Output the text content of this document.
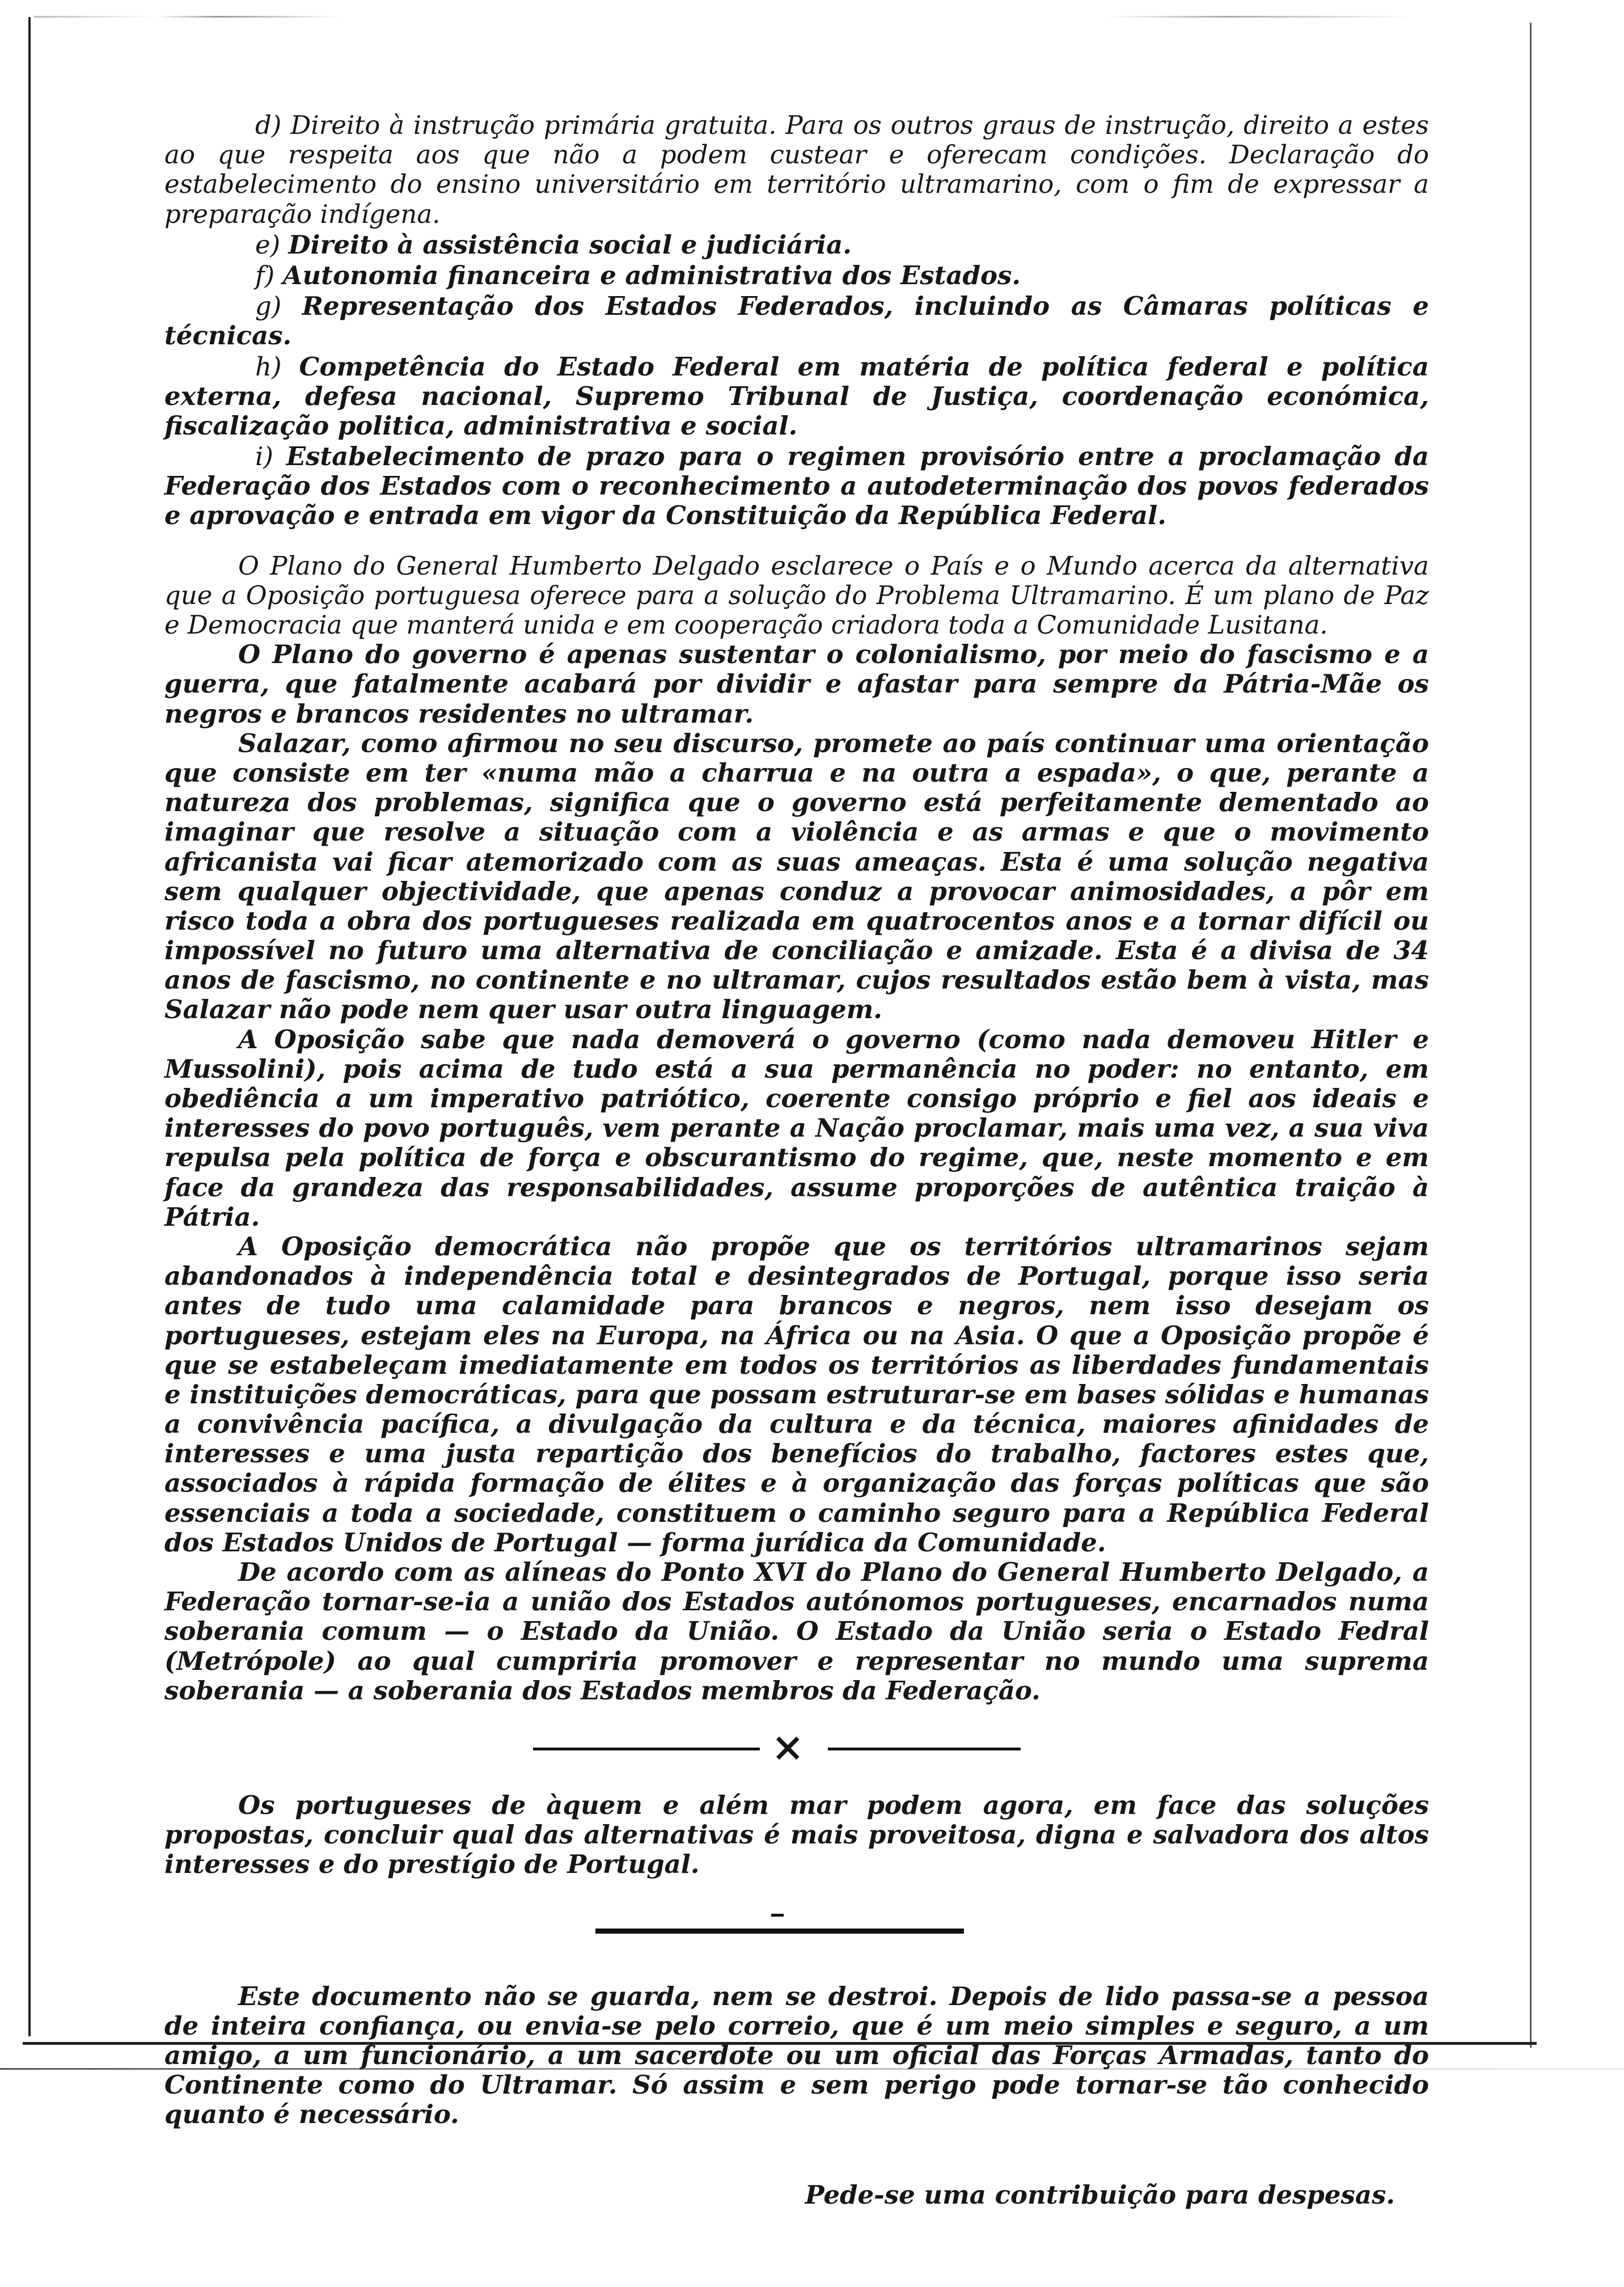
d) Direito à instrução primária gratuita. Para os outros graus de instrução, direito a estes ao que respeita aos que não a podem custear e oferecam condições. Declaração do estabelecimento do ensino universitário em território ultramarino, com o fim de expressar a preparação indígena.

e) Direito à assistência social e judiciária.

f) Autonomia financeira e administrativa dos Estados.

g) Representação dos Estados Federados, incluindo as Câmaras políticas e técnicas.

h) Competência do Estado Federal em matéria de política federal e política externa, defesa nacional, Supremo Tribunal de Justiça, coordenação económica, fiscalização politica, administrativa e social.

i) Estabelecimento de prazo para o regimen provisório entre a proclamação da Federação dos Estados com o reconhecimento a autodeterminação dos povos federados e aprovação e entrada em vigor da Constituição da República Federal.

O Plano do General Humberto Delgado esclarece o País e o Mundo acerca da alternativa que a Oposição portuguesa oferece para a solução do Problema Ultramarino. É um plano de Paz e Democracia que manterá unida e em cooperação criadora toda a Comunidade Lusitana.

O Plano do governo é apenas sustentar o colonialismo, por meio do fascismo e a guerra, que fatalmente acabará por dividir e afastar para sempre da Pátria-Mãe os negros e brancos residentes no ultramar.

Salazar, como afirmou no seu discurso, promete ao país continuar uma orientação que consiste em ter «numa mão a charrua e na outra a espada», o que, perante a natureza dos problemas, significa que o governo está perfeitamente dementado ao imaginar que resolve a situação com a violência e as armas e que o movimento africanista vai ficar atemorizado com as suas ameaças. Esta é uma solução negativa sem qualquer objectividade, que apenas conduz a provocar animosidades, a pôr em risco toda a obra dos portugueses realizada em quatrocentos anos e a tornar difícil ou impossível no futuro uma alternativa de conciliação e amizade. Esta é a divisa de 34 anos de fascismo, no continente e no ultramar, cujos resultados estão bem à vista, mas Salazar não pode nem quer usar outra linguagem.

A Oposição sabe que nada demoverá o governo (como nada demoveu Hitler e Mussolini), pois acima de tudo está a sua permanência no poder: no entanto, em obediência a um imperativo patriótico, coerente consigo próprio e fiel aos ideais e interesses do povo português, vem perante a Nação proclamar, mais uma vez, a sua viva repulsa pela política de força e obscurantismo do regime, que, neste momento e em face da grandeza das responsabilidades, assume proporções de autêntica traição à Pátria.

A Oposição democrática não propõe que os territórios ultramarinos sejam abandonados à independência total e desintegrados de Portugal, porque isso seria antes de tudo uma calamidade para brancos e negros, nem isso desejam os portugueses, estejam eles na Europa, na África ou na Asia. O que a Oposição propõe é que se estabeleçam imediatamente em todos os territórios as liberdades fundamentais e instituições democráticas, para que possam estruturar-se em bases sólidas e humanas a convivência pacífica, a divulgação da cultura e da técnica, maiores afinidades de interesses e uma justa repartição dos benefícios do trabalho, factores estes que, associados à rápida formação de élites e à organização das forças políticas que são essenciais a toda a sociedade, constituem o caminho seguro para a República Federal dos Estados Unidos de Portugal — forma jurídica da Comunidade.

De acordo com as alíneas do Ponto XVI do Plano do General Humberto Delgado, a Federação tornar-se-ia a união dos Estados autónomos portugueses, encarnados numa soberania comum — o Estado da União. O Estado da União seria o Estado Fedral (Metrópole) ao qual cumpriria promover e representar no mundo uma suprema soberania — a soberania dos Estados membros da Federação.

×

Os portugueses de àquem e além mar podem agora, em face das soluções propostas, concluir qual das alternativas é mais proveitosa, digna e salvadora dos altos interesses e do prestígio de Portugal.

Este documento não se guarda, nem se destroi. Depois de lido passa-se a pessoa de inteira confiança, ou envia-se pelo correio, que é um meio simples e seguro, a um amigo, a um funcionário, a um sacerdote ou um oficial das Forças Armadas, tanto do Continente como do Ultramar. Só assim e sem perigo pode tornar-se tão conhecido quanto é necessário.

Pede-se uma contribuição para despesas.
